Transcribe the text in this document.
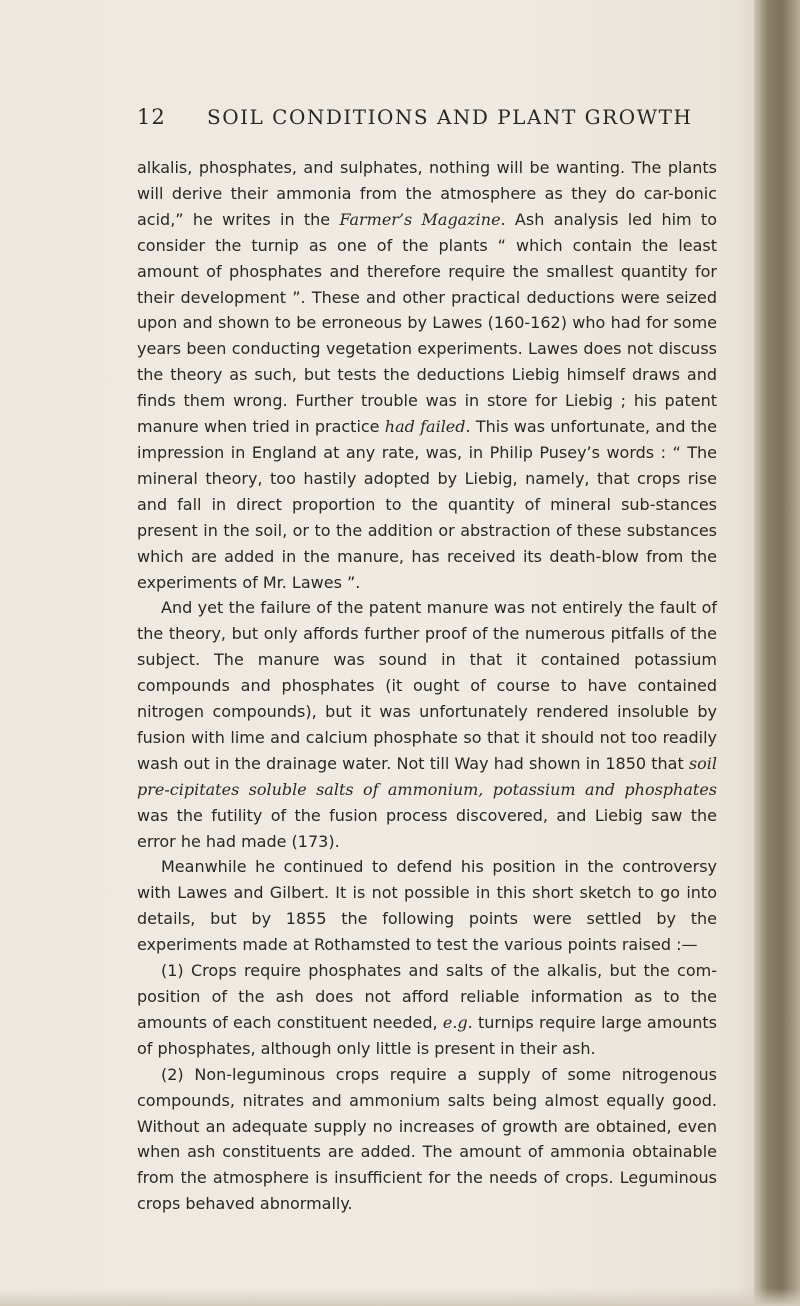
12 SOIL CONDITIONS AND PLANT GROWTH

alkalis, phosphates, and sulphates, nothing will be wanting. The plants will derive their ammonia from the atmosphere as they do car-bonic acid,” he writes in the Farmer’s Magazine. Ash analysis led him to consider the turnip as one of the plants “ which contain the least amount of phosphates and therefore require the smallest quantity for their development ”. These and other practical deductions were seized upon and shown to be erroneous by Lawes (160-162) who had for some years been conducting vegetation experiments. Lawes does not discuss the theory as such, but tests the deductions Liebig himself draws and finds them wrong. Further trouble was in store for Liebig ; his patent manure when tried in practice had failed. This was unfortunate, and the impression in England at any rate, was, in Philip Pusey’s words : “ The mineral theory, too hastily adopted by Liebig, namely, that crops rise and fall in direct proportion to the quantity of mineral sub-stances present in the soil, or to the addition or abstraction of these substances which are added in the manure, has received its death-blow from the experiments of Mr. Lawes ”.

And yet the failure of the patent manure was not entirely the fault of the theory, but only affords further proof of the numerous pitfalls of the subject. The manure was sound in that it contained potassium compounds and phosphates (it ought of course to have contained nitrogen compounds), but it was unfortunately rendered insoluble by fusion with lime and calcium phosphate so that it should not too readily wash out in the drainage water. Not till Way had shown in 1850 that soil pre-cipitates soluble salts of ammonium, potassium and phosphates was the futility of the fusion process discovered, and Liebig saw the error he had made (173).

Meanwhile he continued to defend his position in the controversy with Lawes and Gilbert. It is not possible in this short sketch to go into details, but by 1855 the following points were settled by the experiments made at Rothamsted to test the various points raised :—

(1) Crops require phosphates and salts of the alkalis, but the com-position of the ash does not afford reliable information as to the amounts of each constituent needed, e.g. turnips require large amounts of phosphates, although only little is present in their ash.

(2) Non-leguminous crops require a supply of some nitrogenous compounds, nitrates and ammonium salts being almost equally good. Without an adequate supply no increases of growth are obtained, even when ash constituents are added. The amount of ammonia obtainable from the atmosphere is insufficient for the needs of crops. Leguminous crops behaved abnormally.
